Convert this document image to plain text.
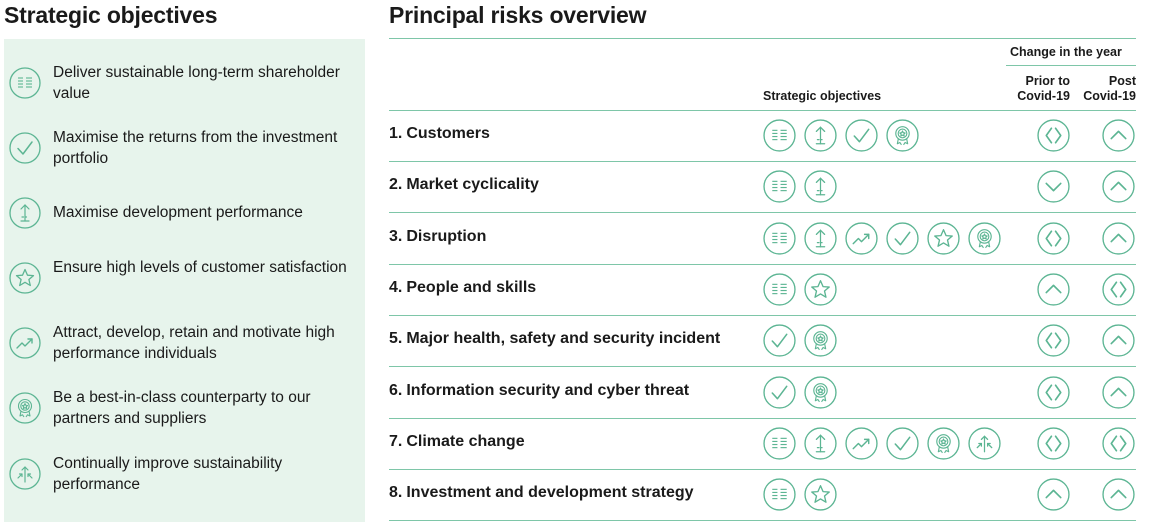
Strategic objectives
Deliver sustainable long-term shareholder value
Maximise the returns from the investment portfolio
Maximise development performance
Ensure high levels of customer satisfaction
Attract, develop, retain and motivate high performance individuals
Be a best-in-class counterparty to our partners and suppliers
Continually improve sustainability performance
Principal risks overview
Change in the year
Strategic objectives
Prior to
Covid-19
Post
Covid-19
1. Customers
2. Market cyclicality
3. Disruption
4. People and skills
5. Major health, safety and security incident
6. Information security and cyber threat
7. Climate change
8. Investment and development strategy
